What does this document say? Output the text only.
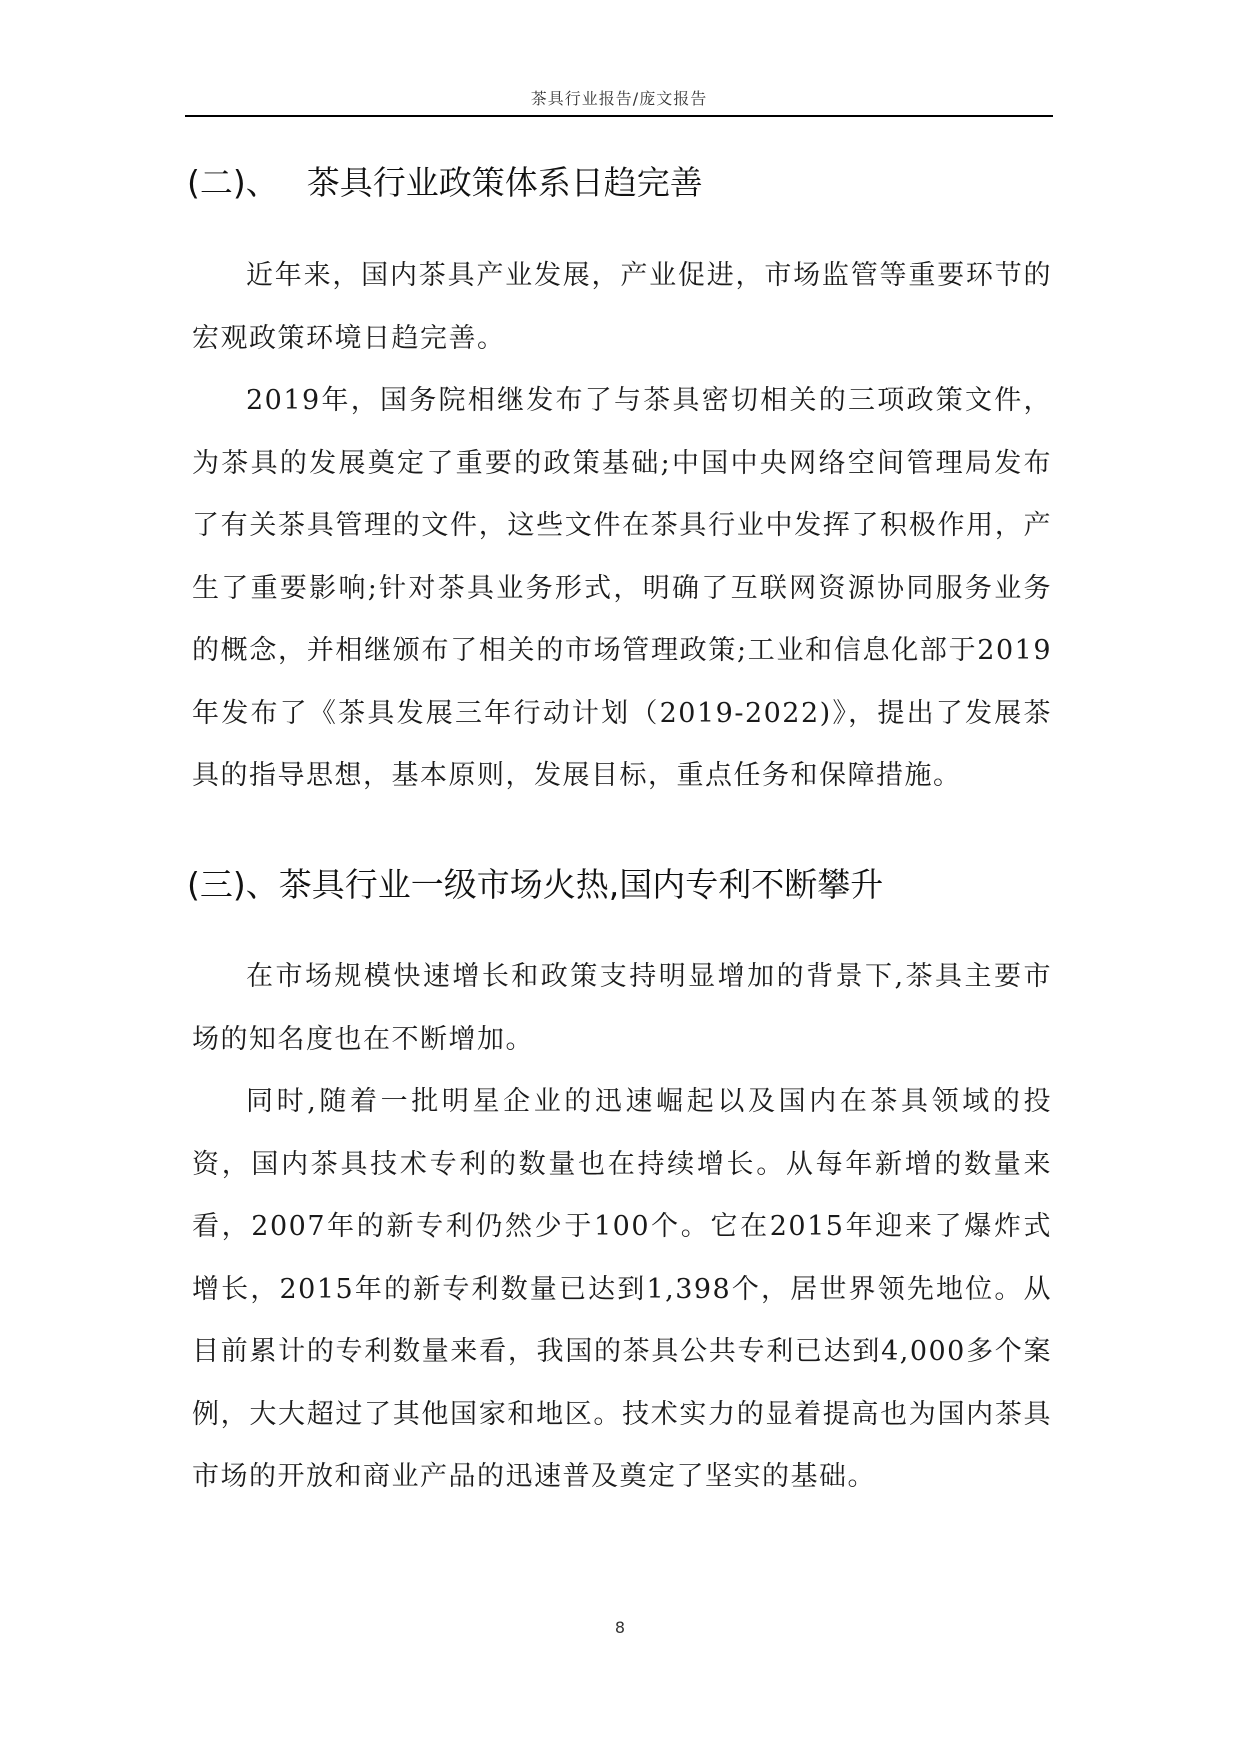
茶具行业报告/庞文报告
(二)、 茶具行业政策体系日趋完善

近年来，国内茶具产业发展，产业促进，市场监管等重要环节的宏观政策环境日趋完善。

2019年，国务院相继发布了与茶具密切相关的三项政策文件，为茶具的发展奠定了重要的政策基础;中国中央网络空间管理局发布了有关茶具管理的文件，这些文件在茶具行业中发挥了积极作用，产生了重要影响;针对茶具业务形式，明确了互联网资源协同服务业务的概念，并相继颁布了相关的市场管理政策;工业和信息化部于2019年发布了《茶具发展三年行动计划（2019-2022)》，提出了发展茶具的指导思想，基本原则，发展目标，重点任务和保障措施。

(三)、茶具行业一级市场火热,国内专利不断攀升

在市场规模快速增长和政策支持明显增加的背景下,茶具主要市场的知名度也在不断增加。

同时,随着一批明星企业的迅速崛起以及国内在茶具领域的投资，国内茶具技术专利的数量也在持续增长。从每年新增的数量来看，2007年的新专利仍然少于100个。它在2015年迎来了爆炸式增长，2015年的新专利数量已达到1,398个，居世界领先地位。从目前累计的专利数量来看，我国的茶具公共专利已达到4,000多个案例，大大超过了其他国家和地区。技术实力的显着提高也为国内茶具市场的开放和商业产品的迅速普及奠定了坚实的基础。

8
